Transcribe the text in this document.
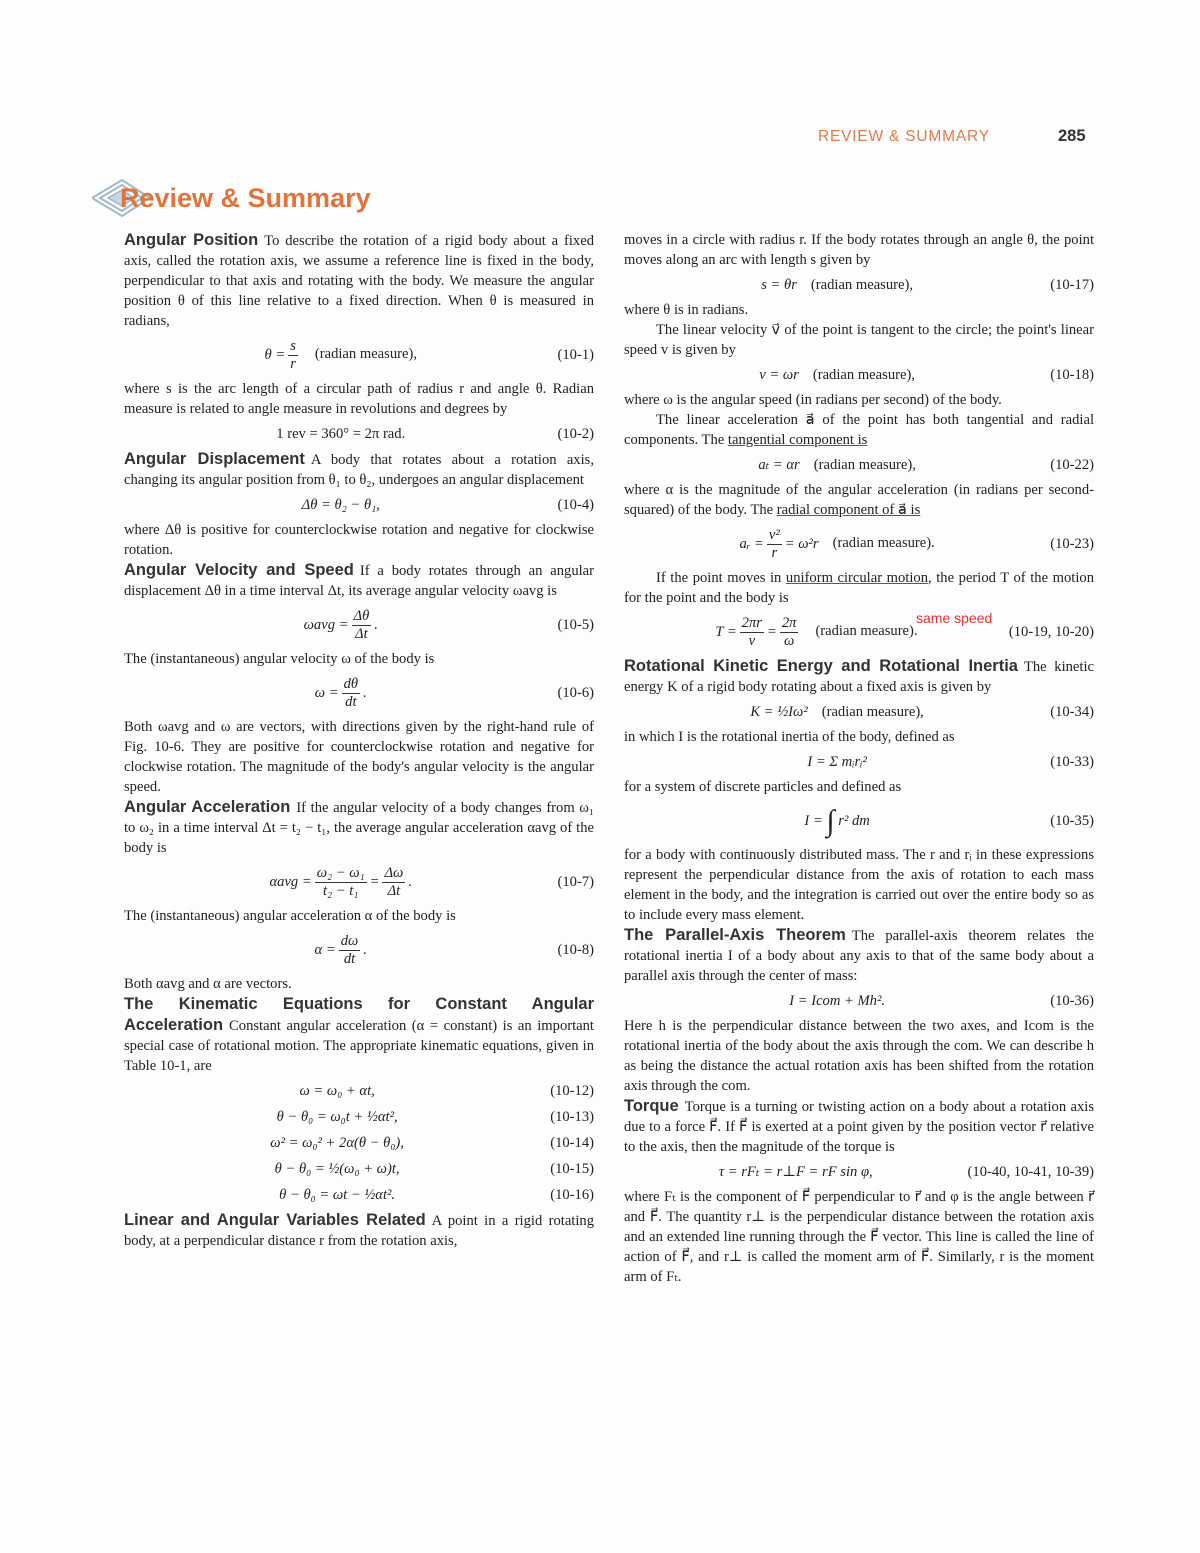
REVIEW & SUMMARY	285
Review & Summary

Angular Position To describe the rotation of a rigid body about a fixed axis, called the rotation axis, we assume a reference line is fixed in the body, perpendicular to that axis and rotating with the body. We measure the angular position θ of this line relative to a fixed direction. When θ is measured in radians,

$\theta = \frac{s}{r}$ (radian measure),	(10-1)

where s is the arc length of a circular path of radius r and angle θ. Radian measure is related to angle measure in revolutions and degrees by

1 rev = 360° = 2π rad.	(10-2)

Angular Displacement A body that rotates about a rotation axis, changing its angular position from θ₁ to θ₂, undergoes an angular displacement

Δθ = θ₂ − θ₁,	(10-4)

where Δθ is positive for counterclockwise rotation and negative for clockwise rotation.

Angular Velocity and Speed If a body rotates through an angular displacement Δθ in a time interval Δt, its average angular velocity ωavg is

$\omega avg = \frac{\Delta\theta}{\Delta t}$ .	(10-5)

The (instantaneous) angular velocity ω of the body is

$\omega = \frac{d\theta}{dt}$ .	(10-6)

Both ωavg and ω are vectors, with directions given by the right-hand rule of Fig. 10-6. They are positive for counterclockwise rotation and negative for clockwise rotation. The magnitude of the body's angular velocity is the angular speed.

Angular Acceleration If the angular velocity of a body changes from ω₁ to ω₂ in a time interval Δt = t₂ − t₁, the average angular acceleration αavg of the body is

$\alpha avg = \frac{\text{ω₂ − ω₁}}{\text{t₂ − t₁}} = \frac{\Delta\omega}{\Delta t}$ .	(10-7)

The (instantaneous) angular acceleration α of the body is

$\alpha = \frac{d\omega}{dt}$ .	(10-8)

Both αavg and α are vectors.

The Kinematic Equations for Constant Angular Acceleration Constant angular acceleration (α = constant) is an important special case of rotational motion. The appropriate kinematic equations, given in Table 10-1, are

ω = ω₀ + αt,	(10-12)
θ − θ₀ = ω₀t + ½αt²,	(10-13)
ω² = ω₀² + 2α(θ − θ₀),	(10-14)
θ − θ₀ = ½(ω₀ + ω)t,	(10-15)
θ − θ₀ = ωt − ½αt².	(10-16)

Linear and Angular Variables Related A point in a rigid rotating body, at a perpendicular distance r from the rotation axis,

moves in a circle with radius r. If the body rotates through an angle θ, the point moves along an arc with length s given by

s = θr (radian measure),	(10-17)

where θ is in radians.

The linear velocity v⃗ of the point is tangent to the circle; the point's linear speed v is given by

v = ωr (radian measure),	(10-18)

where ω is the angular speed (in radians per second) of the body.

The linear acceleration a⃗ of the point has both tangential and radial components. The tangential component is

aₜ = αr (radian measure),	(10-22)

where α is the magnitude of the angular acceleration (in radians per second-squared) of the body. The radial component of a⃗ is

aᵣ = $\frac{\text{v²}}{r} = \omega^2r$ (radian measure).	(10-23)

If the point moves in uniform circular motion, the period T of the motion for the point and the body is

$T = \frac{2\pi r}{v} = \frac{2\pi}{\omega}$ (radian measure).	(10-19, 10-20)

Rotational Kinetic Energy and Rotational Inertia The kinetic energy K of a rigid body rotating about a fixed axis is given by

K = ½Iω² (radian measure),	(10-34)

in which I is the rotational inertia of the body, defined as

I = Σ mᵢrᵢ²	(10-33)

for a system of discrete particles and defined as

I = ∫ r² dm	(10-35)

for a body with continuously distributed mass. The r and rᵢ in these expressions represent the perpendicular distance from the axis of rotation to each mass element in the body, and the integration is carried out over the entire body so as to include every mass element.

The Parallel-Axis Theorem The parallel-axis theorem relates the rotational inertia I of a body about any axis to that of the same body about a parallel axis through the center of mass:

I = Icom + Mh².	(10-36)

Here h is the perpendicular distance between the two axes, and Icom is the rotational inertia of the body about the axis through the com. We can describe h as being the distance the actual rotation axis has been shifted from the rotation axis through the com.

Torque Torque is a turning or twisting action on a body about a rotation axis due to a force F⃗. If F⃗ is exerted at a point given by the position vector r⃗ relative to the axis, then the magnitude of the torque is

τ = rFₜ = r⊥F = rF sin φ,	(10-40, 10-41, 10-39)

where Fₜ is the component of F⃗ perpendicular to r⃗ and φ is the angle between r⃗ and F⃗. The quantity r⊥ is the perpendicular distance between the rotation axis and an extended line running through the F⃗ vector. This line is called the line of action of F⃗, and r⊥ is called the moment arm of F⃗. Similarly, r is the moment arm of Fₜ.

same speed
